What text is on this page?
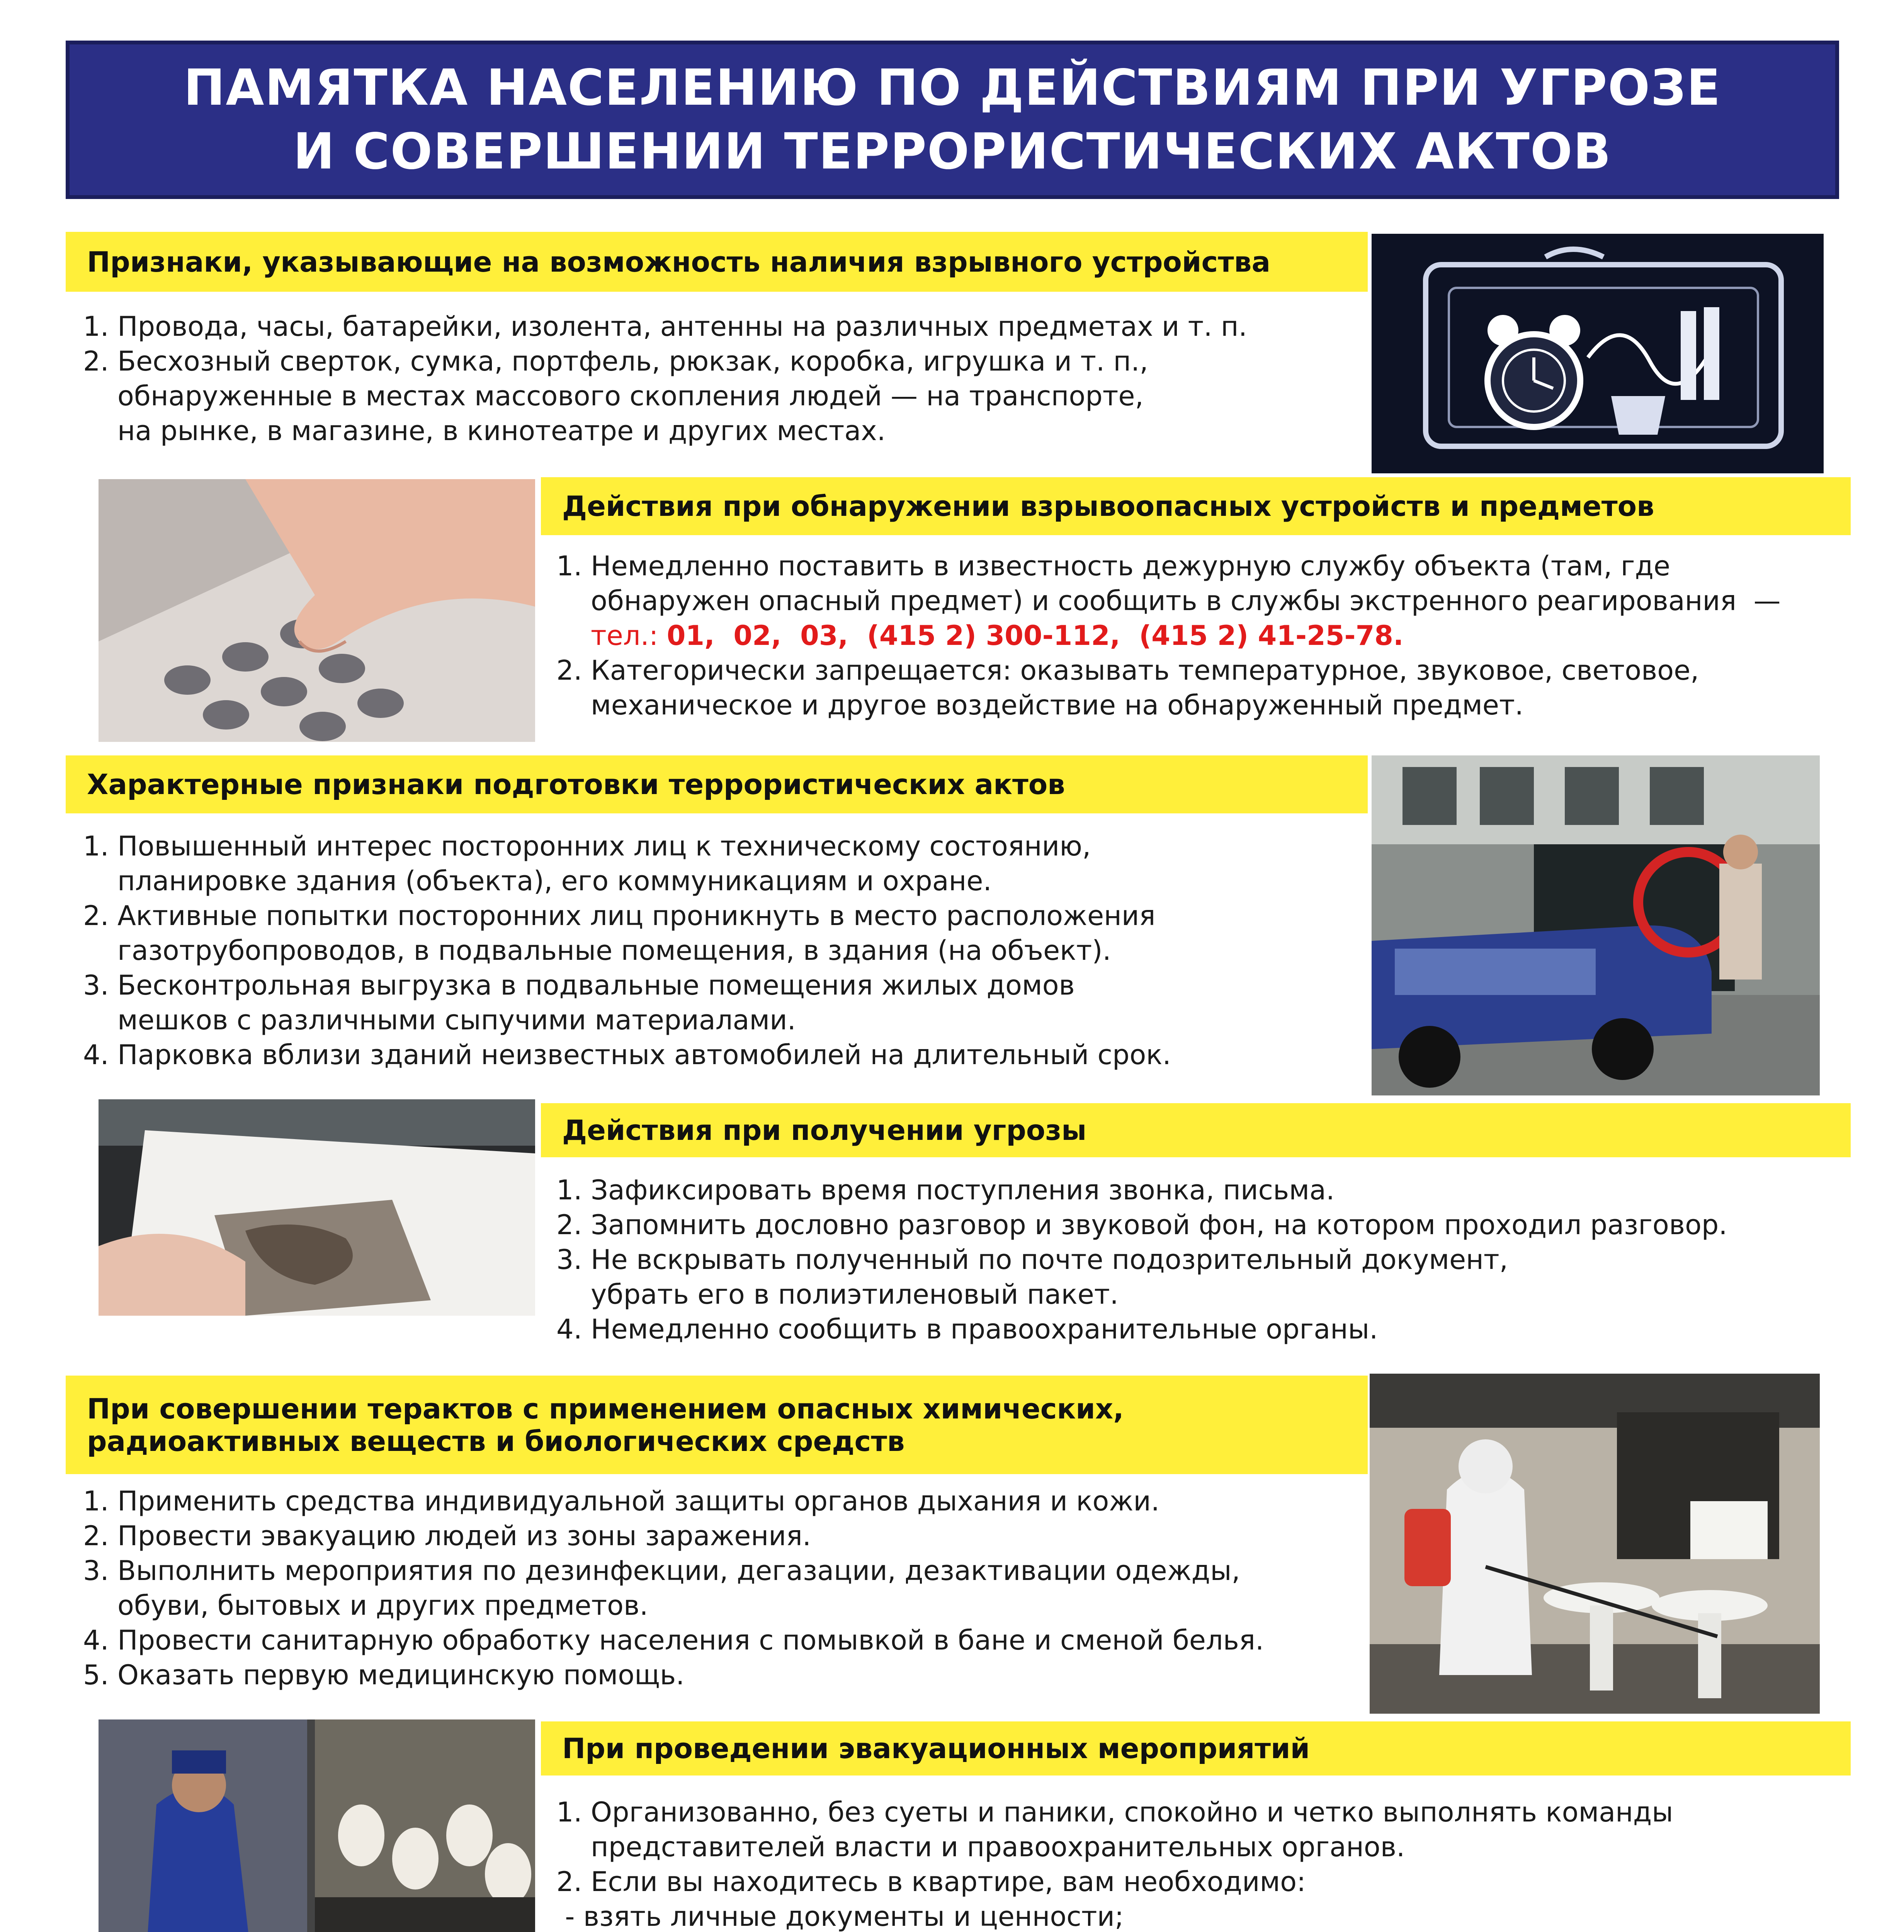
ПАМЯТКА НАСЕЛЕНИЮ ПО ДЕЙСТВИЯМ ПРИ УГРОЗЕ
И СОВЕРШЕНИИ ТЕРРОРИСТИЧЕСКИХ АКТОВ
Признаки, указывающие на возможность наличия взрывного устройства
1. Провода, часы, батарейки, изолента, антенны на различных предметах и т. п.
2. Бесхозный сверток, сумка, портфель, рюкзак, коробка, игрушка и т. п.,
обнаруженные в местах массового скопления людей — на транспорте,
на рынке, в магазине, в кинотеатре и других местах.
Действия при обнаружении взрывоопасных устройств и предметов
1. Немедленно поставить в известность дежурную службу объекта (там, где
обнаружен опасный предмет) и сообщить в службы экстренного реагирования  —
тел.: 01,  02,  03,  (415 2) 300-112,  (415 2) 41-25-78.
2. Категорически запрещается: оказывать температурное, звуковое, световое,
механическое и другое воздействие на обнаруженный предмет.
Характерные признаки подготовки террористических актов
1. Повышенный интерес посторонних лиц к техническому состоянию,
планировке здания (объекта), его коммуникациям и охране.
2. Активные попытки посторонних лиц проникнуть в место расположения
газотрубопроводов, в подвальные помещения, в здания (на объект).
3. Бесконтрольная выгрузка в подвальные помещения жилых домов
мешков с различными сыпучими материалами.
4. Парковка вблизи зданий неизвестных автомобилей на длительный срок.
Действия при получении угрозы
1. Зафиксировать время поступления звонка, письма.
2. Запомнить дословно разговор и звуковой фон, на котором проходил разговор.
3. Не вскрывать полученный по почте подозрительный документ,
убрать его в полиэтиленовый пакет.
4. Немедленно сообщить в правоохранительные органы.
При совершении терактов с применением опасных химических,
радиоактивных веществ и биологических средств
1. Применить средства индивидуальной защиты органов дыхания и кожи.
2. Провести эвакуацию людей из зоны заражения.
3. Выполнить мероприятия по дезинфекции, дегазации, дезактивации одежды,
обуви, бытовых и других предметов.
4. Провести санитарную обработку населения с помывкой в бане и сменой белья.
5. Оказать первую медицинскую помощь.
При проведении эвакуационных мероприятий
1. Организованно, без суеты и паники, спокойно и четко выполнять команды
представителей власти и правоохранительных органов.
2. Если вы находитесь в квартире, вам необходимо:
- взять личные документы и ценности;
